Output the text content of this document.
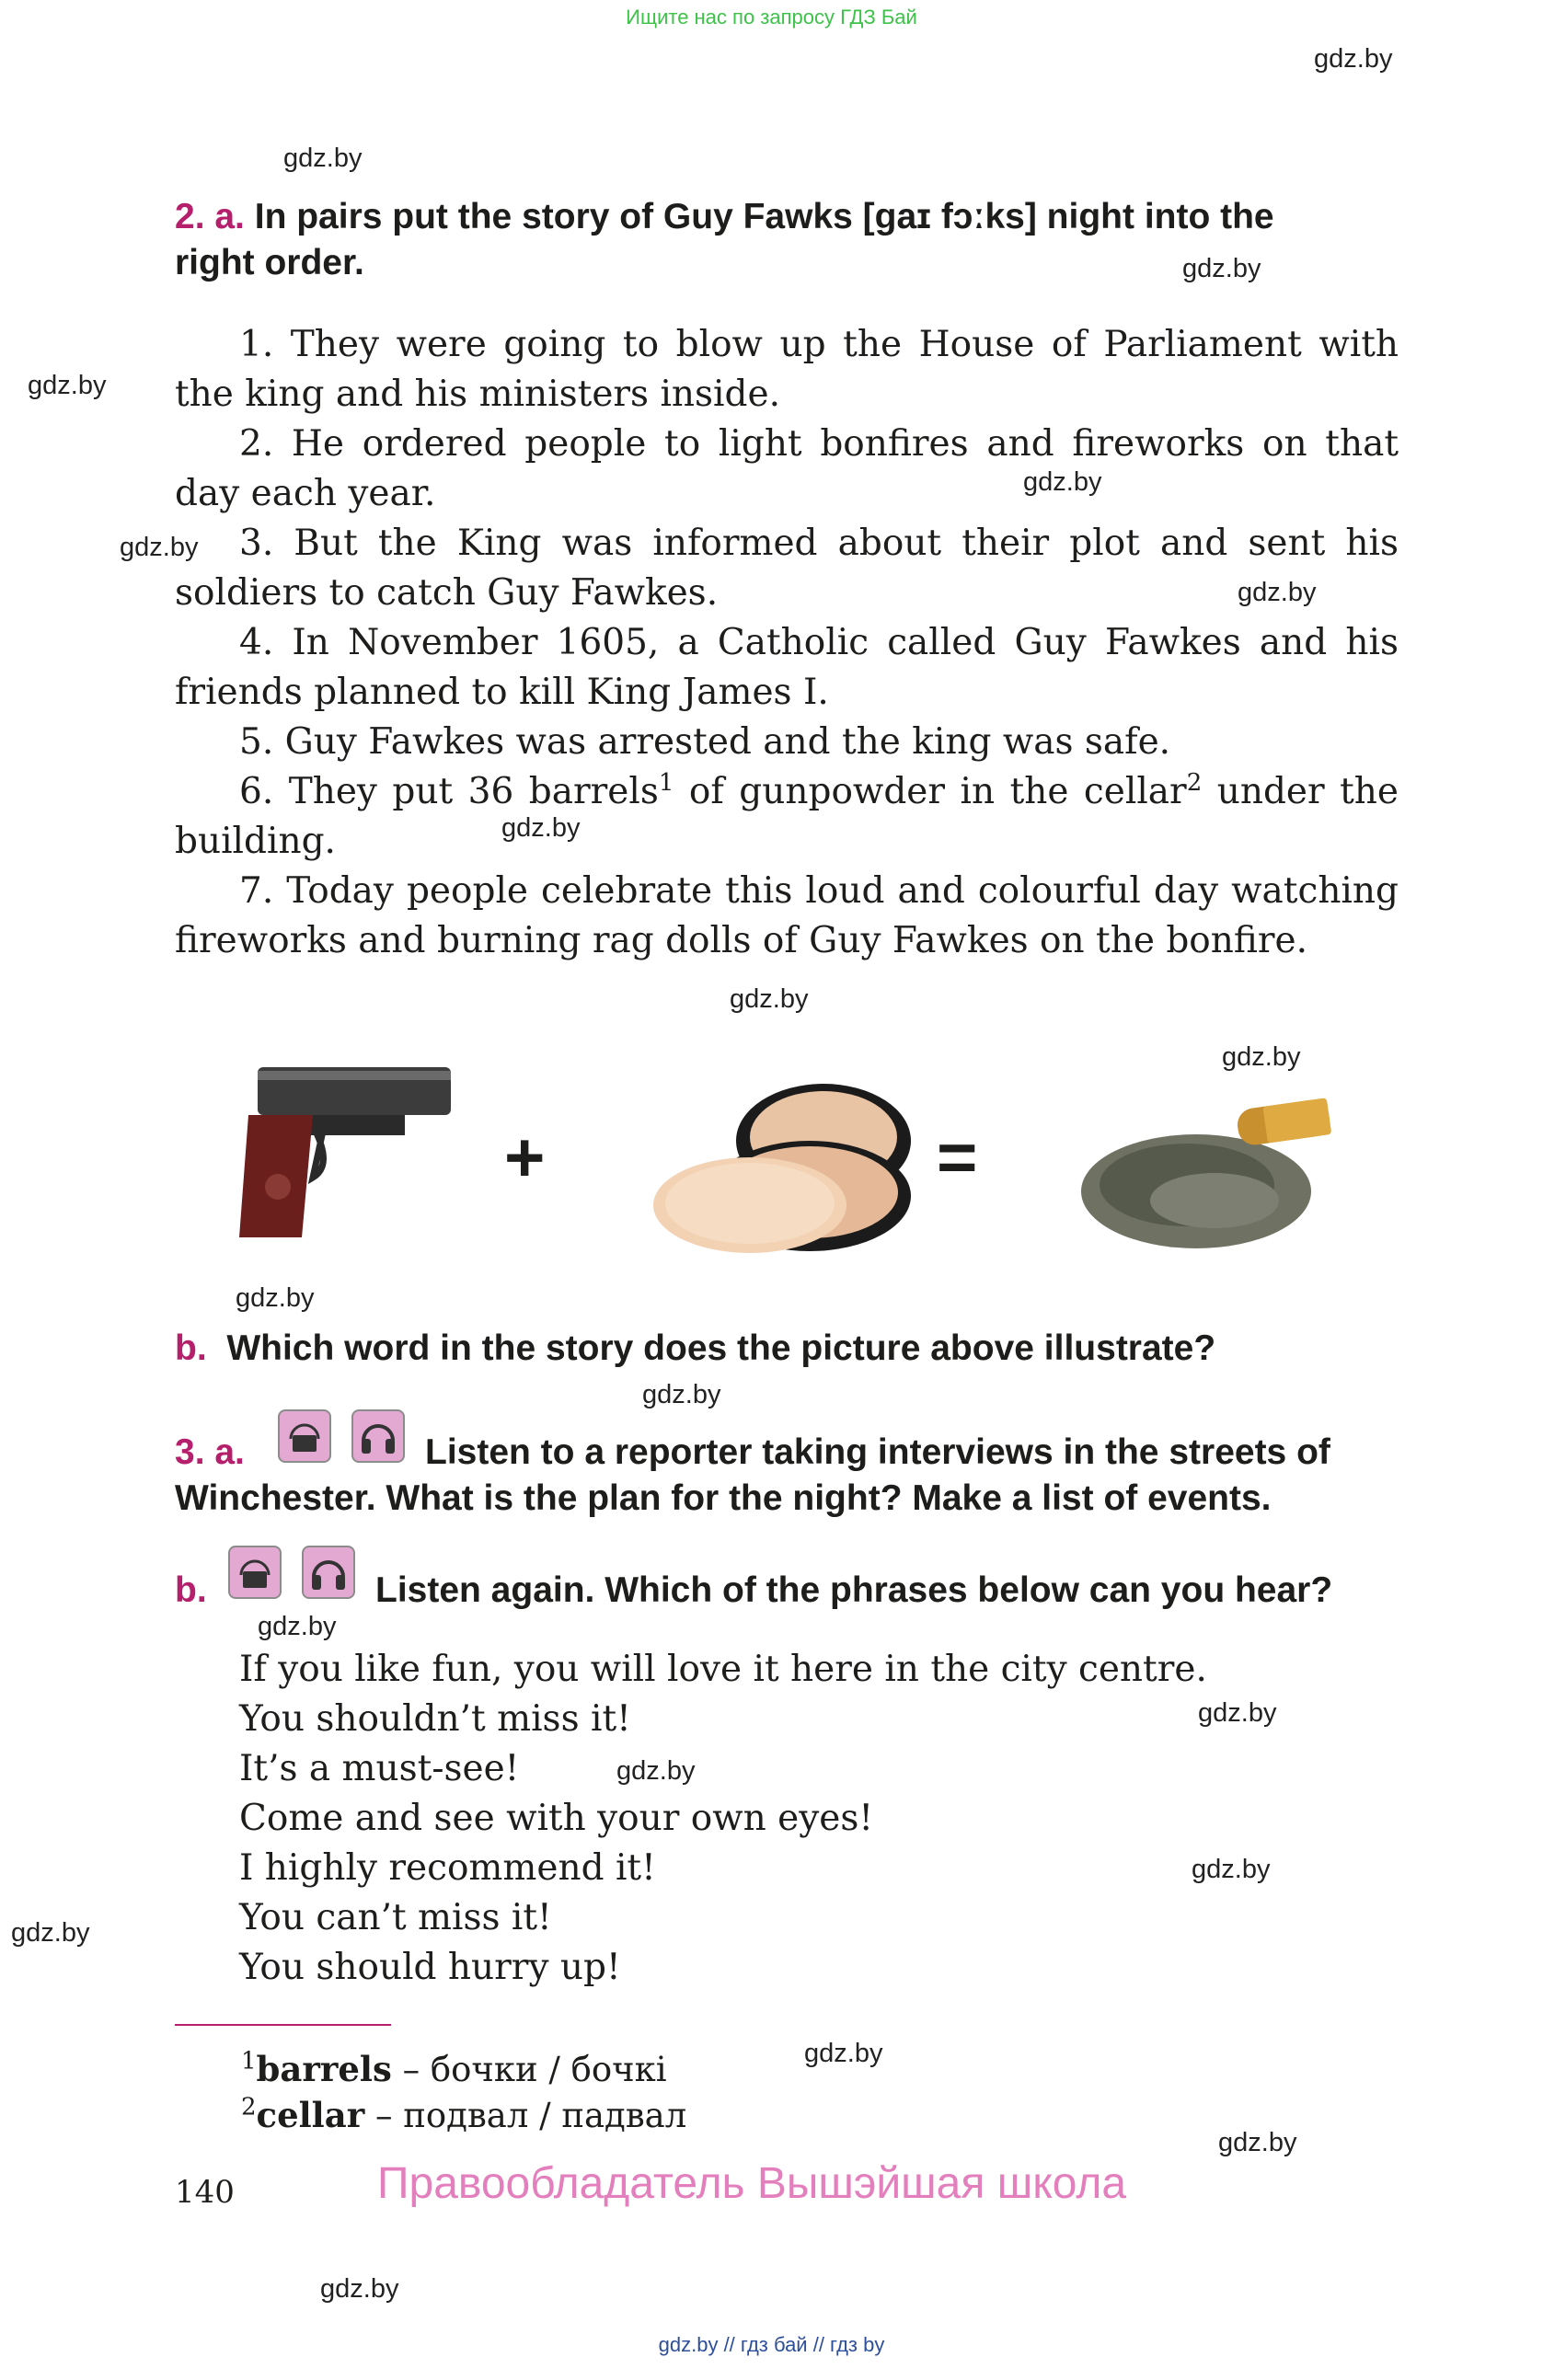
Ищите нас по запросу ГДЗ Бай
gdz.by
gdz.by
gdz.by
gdz.by
gdz.by
gdz.by
gdz.by
gdz.by
gdz.by
gdz.by
gdz.by
gdz.by
gdz.by
gdz.by
gdz.by
gdz.by
gdz.by
gdz.by
gdz.by
gdz.by
2. a. In pairs put the story of Guy Fawks [gaɪ fɔːks] night into the
right order.
1. They were going to blow up the House of Parliament with the king and his ministers inside.
2. He ordered people to light bonfires and fireworks on that day each year.
3. But the King was informed about their plot and sent his soldiers to catch Guy Fawkes.
4. In November 1605, a Catholic called Guy Fawkes and his friends planned to kill King James I.
5. Guy Fawkes was arrested and the king was safe.
6. They put 36 barrels$^1$ of gunpowder in the cellar$^2$ under the building.
7. Today people celebrate this loud and colourful day watching fireworks and burning rag dolls of Guy Fawkes on the bonfire.
+	=
b. Which word in the story does the picture above illustrate?
3. a.	Listen to a reporter taking interviews in the streets of
Winchester. What is the plan for the night? Make a list of events.
b.	Listen again. Which of the phrases below can you hear?
If you like fun, you will love it here in the city centre.
You shouldn’t miss it!
It’s a must-see!
Come and see with your own eyes!
I highly recommend it!
You can’t miss it!
You should hurry up!
$^1$barrels – бочки / бочкі
$^2$cellar – подвал / падвал
140	Правообладатель Вышэйшая школа
gdz.by // гдз бай // гдз by
